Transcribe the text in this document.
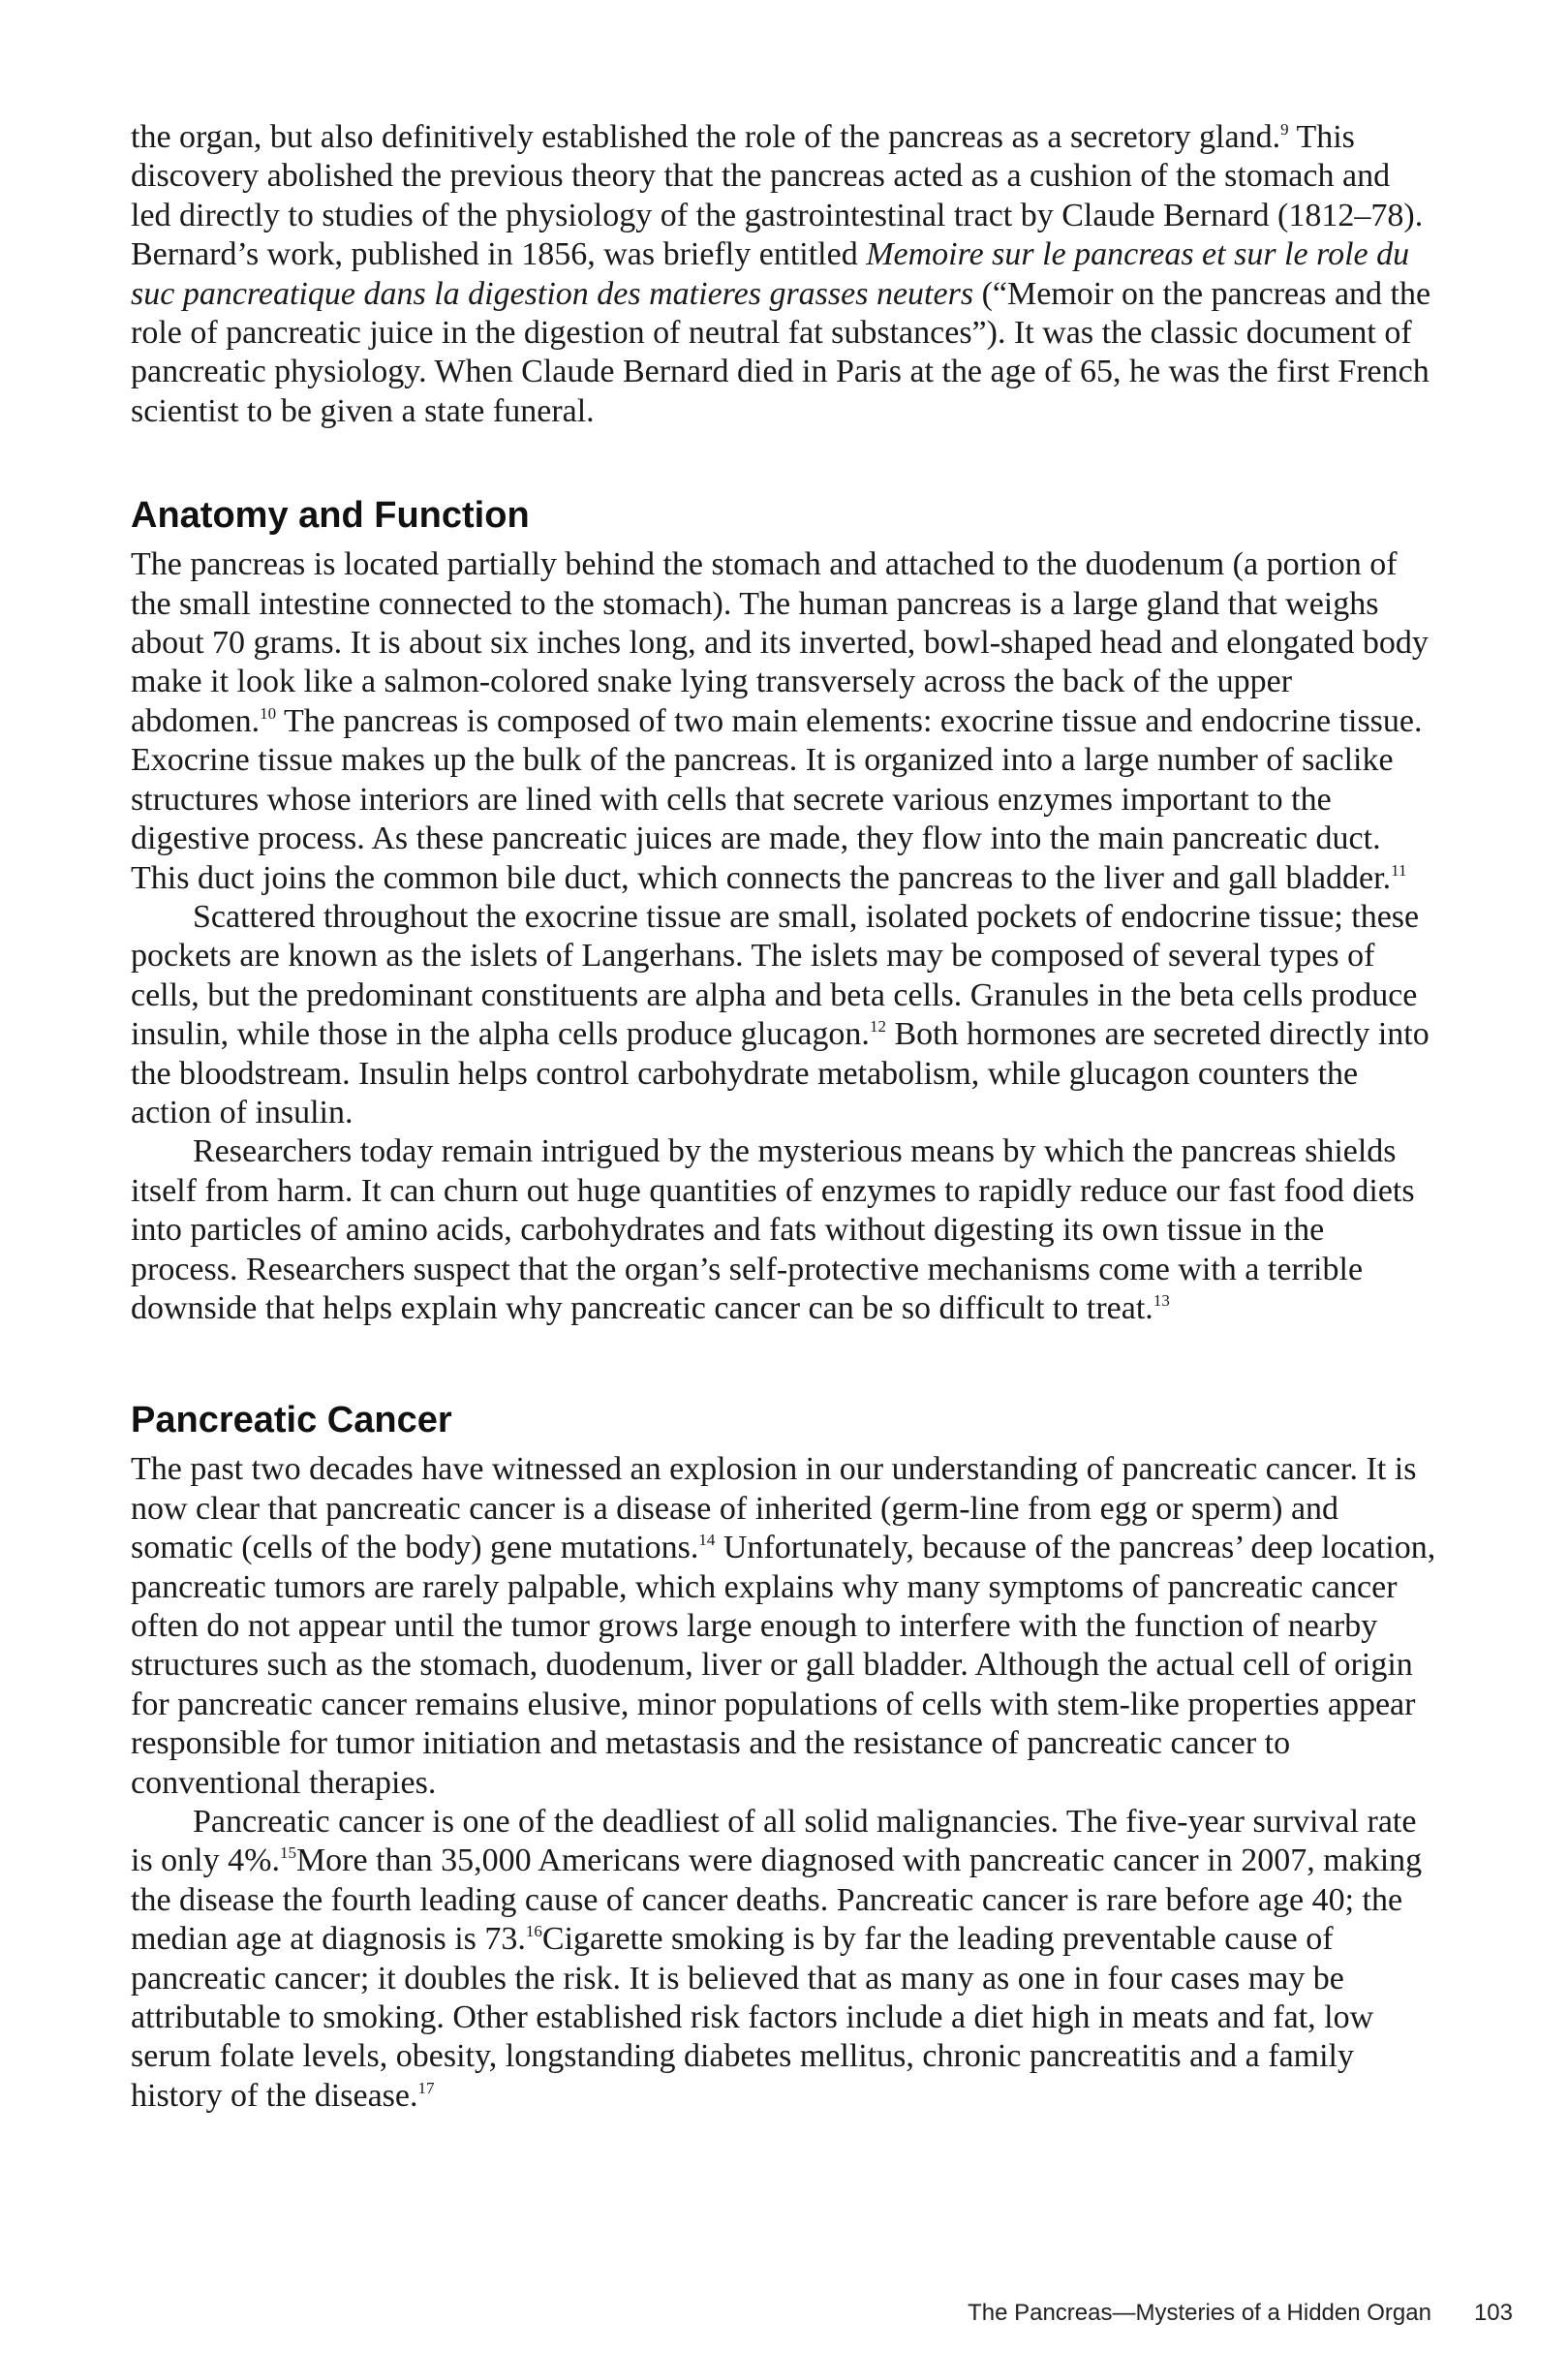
the organ, but also definitively established the role of the pancreas as a secretory gland.$^9$ This discovery abolished the previous theory that the pancreas acted as a cushion of the stomach and led directly to studies of the physiology of the gastrointestinal tract by Claude Bernard (1812–78). Bernard’s work, published in 1856, was briefly entitled Memoire sur le pancreas et sur le role du suc pancreatique dans la digestion des matieres grasses neuters (“Memoir on the pancreas and the role of pancreatic juice in the digestion of neutral fat substances”). It was the classic document of pancreatic physiology. When Claude Bernard died in Paris at the age of 65, he was the first French scientist to be given a state funeral.

Anatomy and Function

The pancreas is located partially behind the stomach and attached to the duodenum (a portion of the small intestine connected to the stomach). The human pancreas is a large gland that weighs about 70 grams. It is about six inches long, and its inverted, bowl-shaped head and elongated body make it look like a salmon-colored snake lying transversely across the back of the upper abdomen.$^{10}$ The pancreas is composed of two main elements: exocrine tissue and endocrine tissue. Exocrine tissue makes up the bulk of the pancreas. It is organized into a large number of saclike structures whose interiors are lined with cells that secrete various enzymes important to the digestive process. As these pancreatic juices are made, they flow into the main pancreatic duct. This duct joins the common bile duct, which connects the pancreas to the liver and gall bladder.$^{11}$

Scattered throughout the exocrine tissue are small, isolated pockets of endocrine tissue; these pockets are known as the islets of Langerhans. The islets may be composed of several types of cells, but the predominant constituents are alpha and beta cells. Granules in the beta cells produce insulin, while those in the alpha cells produce glucagon.$^{12}$ Both hormones are secreted directly into the bloodstream. Insulin helps control carbohydrate metabolism, while glucagon counters the action of insulin.

Researchers today remain intrigued by the mysterious means by which the pancreas shields itself from harm. It can churn out huge quantities of enzymes to rapidly reduce our fast food diets into particles of amino acids, carbohydrates and fats without digesting its own tissue in the process. Researchers suspect that the organ’s self-protective mechanisms come with a terrible downside that helps explain why pancreatic cancer can be so difficult to treat.$^{13}$

Pancreatic Cancer

The past two decades have witnessed an explosion in our understanding of pancreatic cancer. It is now clear that pancreatic cancer is a disease of inherited (germ-line from egg or sperm) and somatic (cells of the body) gene mutations.$^{14}$ Unfortunately, because of the pancreas’ deep location, pancreatic tumors are rarely palpable, which explains why many symptoms of pancreatic cancer often do not appear until the tumor grows large enough to interfere with the function of nearby structures such as the stomach, duodenum, liver or gall bladder. Although the actual cell of origin for pancreatic cancer remains elusive, minor populations of cells with stem-like properties appear responsible for tumor initiation and metastasis and the resistance of pancreatic cancer to conventional therapies.

Pancreatic cancer is one of the deadliest of all solid malignancies. The five-year survival rate is only 4%.$^{15}$More than 35,000 Americans were diagnosed with pancreatic cancer in 2007, making the disease the fourth leading cause of cancer deaths. Pancreatic cancer is rare before age 40; the median age at diagnosis is 73.16Cigarette smoking is by far the leading preventable cause of pancreatic cancer; it doubles the risk. It is believed that as many as one in four cases may be attributable to smoking. Other established risk factors include a diet high in meats and fat, low serum folate levels, obesity, longstanding diabetes mellitus, chronic pancreatitis and a family history of the disease.$^{17}$

The Pancreas—Mysteries of a Hidden Organ 103
